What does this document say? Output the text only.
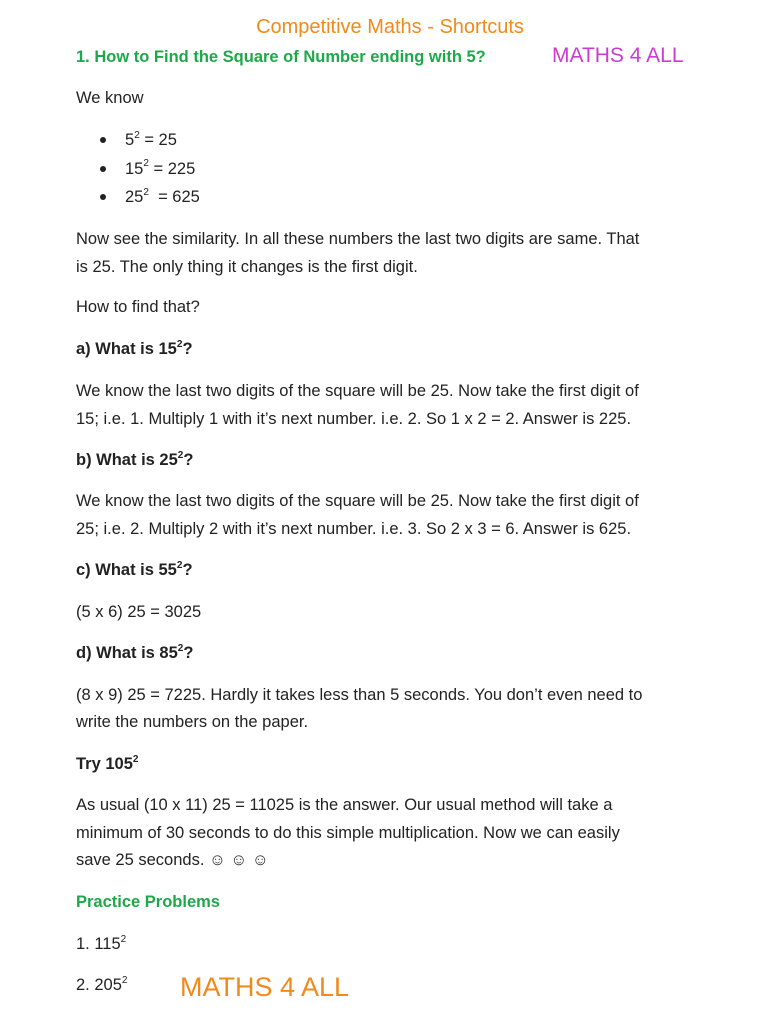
Competitive Maths - Shortcuts
MATHS 4 ALL
1. How to Find the Square of Number ending with 5?
We know
$5^2 = 25$
$15^2 = 225$
$25^2 = 625$
Now see the similarity. In all these numbers the last two digits are same. That
is 25. The only thing it changes is the first digit.
How to find that?
a) What is $15^2$?
We know the last two digits of the square will be 25. Now take the first digit of
15; i.e. 1. Multiply 1 with it’s next number. i.e. 2. So 1 x 2 = 2. Answer is 225.
b) What is $25^2$?
We know the last two digits of the square will be 25. Now take the first digit of
25; i.e. 2. Multiply 2 with it’s next number. i.e. 3. So 2 x 3 = 6. Answer is 625.
c) What is $55^2$?
(5 x 6) 25 = 3025
d) What is $85^2$?
(8 x 9) 25 = 7225. Hardly it takes less than 5 seconds. You don’t even need to
write the numbers on the paper.
Try $105^2$
As usual (10 x 11) 25 = 11025 is the answer. Our usual method will take a
minimum of 30 seconds to do this simple multiplication. Now we can easily
save 25 seconds. ☺ ☺ ☺
Practice Problems
1. $115^2$
2. $205^2$ MATHS 4 ALL
